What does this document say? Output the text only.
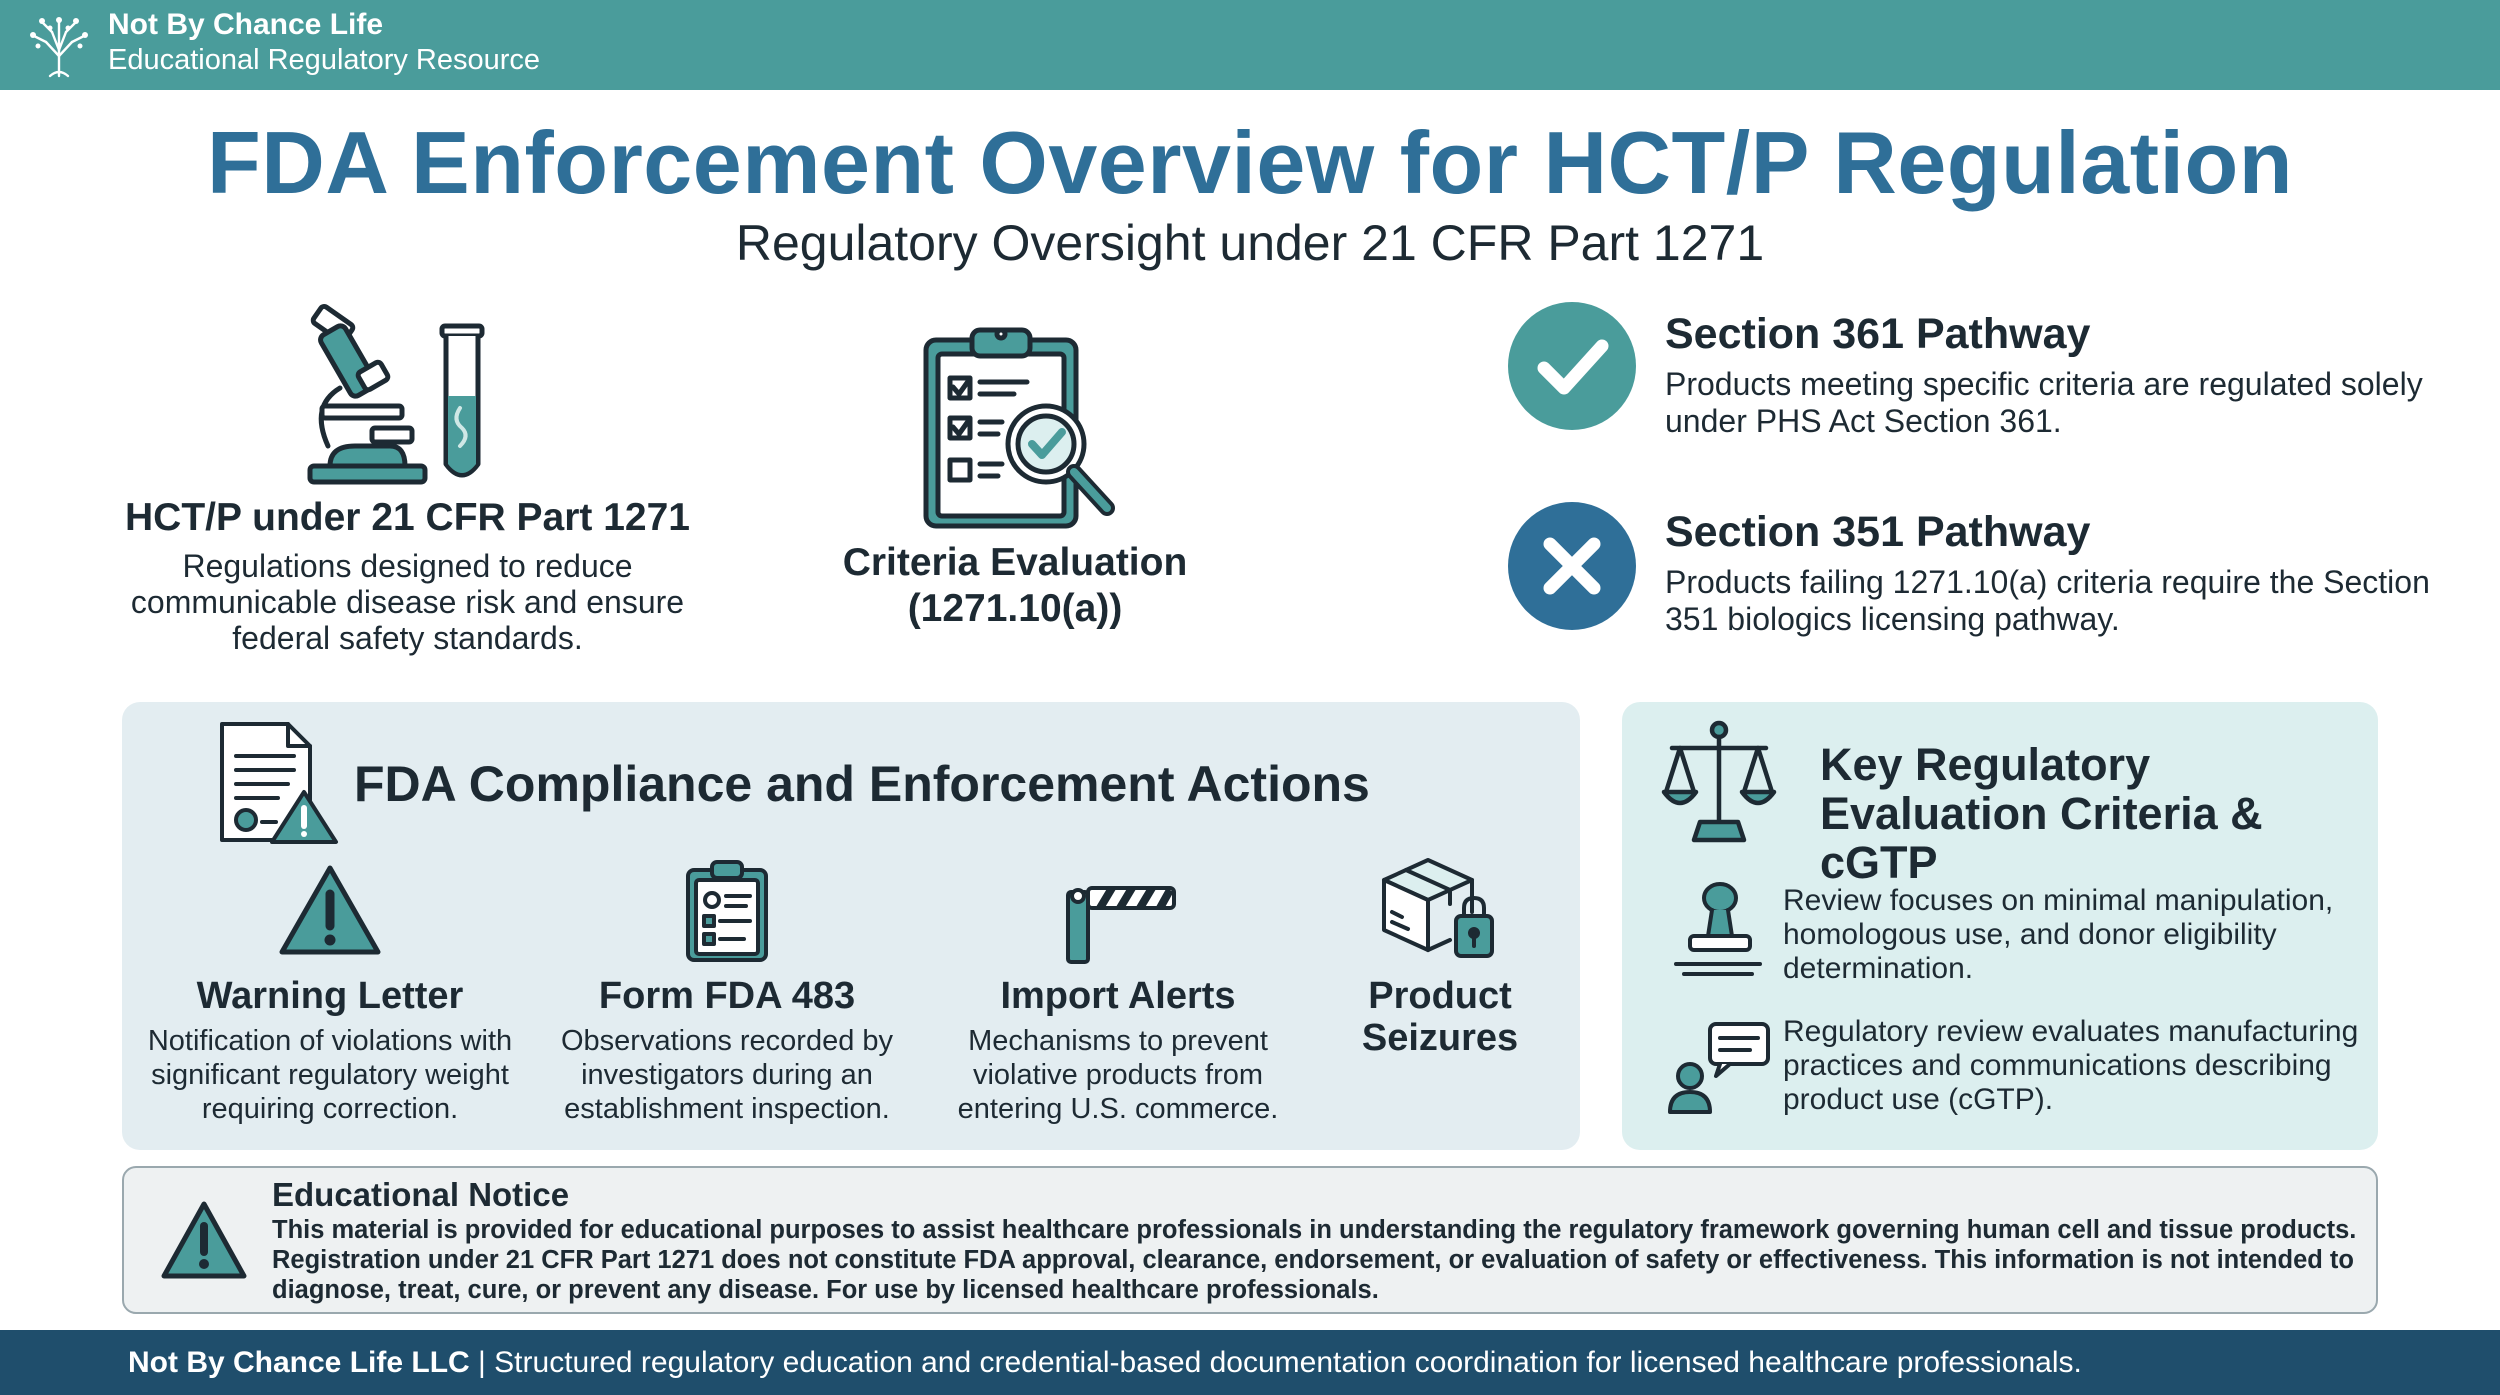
Not By Chance Life
Educational Regulatory Resource
FDA Enforcement Overview for HCT/P Regulation
Regulatory Oversight under 21 CFR Part 1271
HCT/P under 21 CFR Part 1271
Regulations designed to reduce communicable disease risk and ensure federal safety standards.
Criteria Evaluation (1271.10(a))
Section 361 Pathway
Products meeting specific criteria are regulated solely under PHS Act Section 361.
Section 351 Pathway
Products failing 1271.10(a) criteria require the Section 351 biologics licensing pathway.
FDA Compliance and Enforcement Actions
Warning Letter
Notification of violations with significant regulatory weight requiring correction.
Form FDA 483
Observations recorded by investigators during an establishment inspection.
Import Alerts
Mechanisms to prevent violative products from entering U.S. commerce.
Product Seizures
Key Regulatory Evaluation Criteria & cGTP
Review focuses on minimal manipulation, homologous use, and donor eligibility determination.
Regulatory review evaluates manufacturing practices and communications describing product use (cGTP).
Educational Notice
This material is provided for educational purposes to assist healthcare professionals in understanding the regulatory framework governing human cell and tissue products. Registration under 21 CFR Part 1271 does not constitute FDA approval, clearance, endorsement, or evaluation of safety or effectiveness. This information is not intended to diagnose, treat, cure, or prevent any disease. For use by licensed healthcare professionals.
Not By Chance Life LLC | Structured regulatory education and credential-based documentation coordination for licensed healthcare professionals.
